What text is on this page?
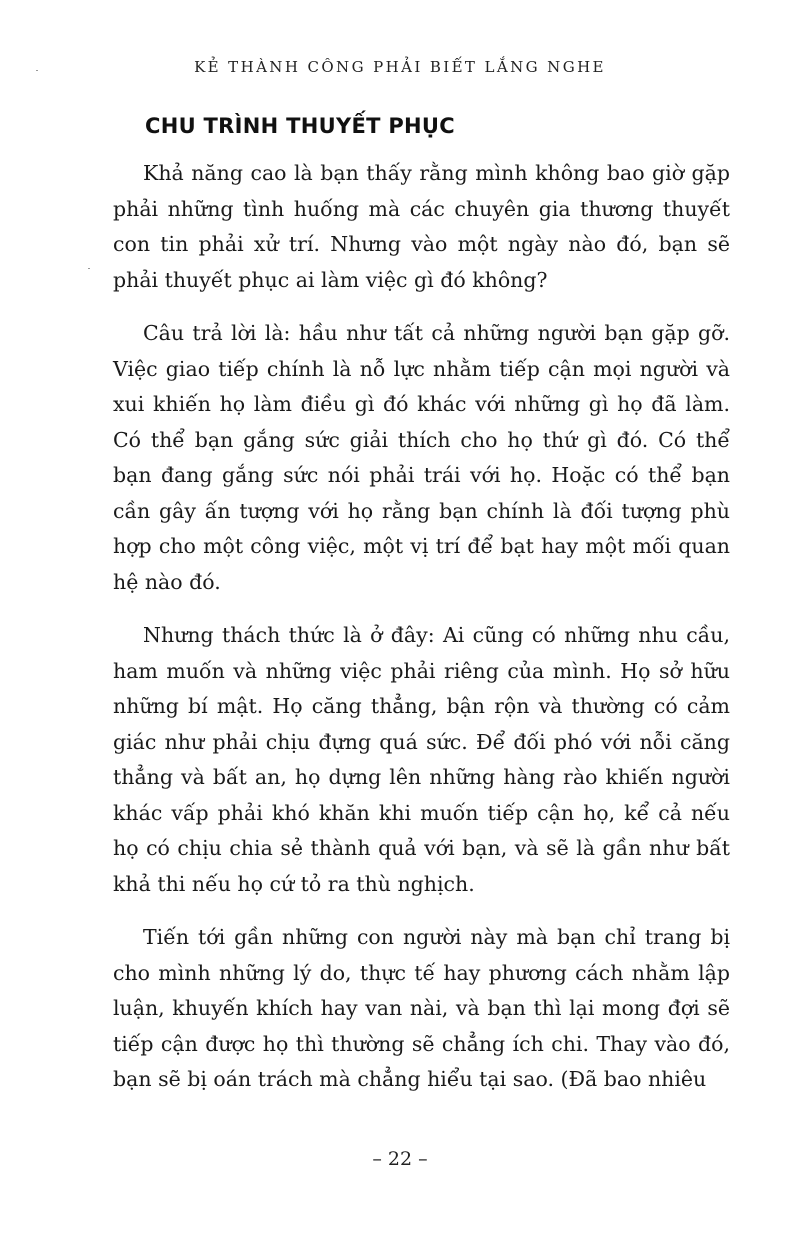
KẺ THÀNH CÔNG PHẢI BIẾT LẮNG NGHE
CHU TRÌNH THUYẾT PHỤC

Khả năng cao là bạn thấy rằng mình không bao giờ gặp phải những tình huống mà các chuyên gia thương thuyết con tin phải xử trí. Nhưng vào một ngày nào đó, bạn sẽ phải thuyết phục ai làm việc gì đó không?

Câu trả lời là: hầu như tất cả những người bạn gặp gỡ. Việc giao tiếp chính là nỗ lực nhằm tiếp cận mọi người và xui khiến họ làm điều gì đó khác với những gì họ đã làm. Có thể bạn gắng sức giải thích cho họ thứ gì đó. Có thể bạn đang gắng sức nói phải trái với họ. Hoặc có thể bạn cần gây ấn tượng với họ rằng bạn chính là đối tượng phù hợp cho một công việc, một vị trí để bạt hay một mối quan hệ nào đó.

Nhưng thách thức là ở đây: Ai cũng có những nhu cầu, ham muốn và những việc phải riêng của mình. Họ sở hữu những bí mật. Họ căng thẳng, bận rộn và thường có cảm giác như phải chịu đựng quá sức. Để đối phó với nỗi căng thẳng và bất an, họ dựng lên những hàng rào khiến người khác vấp phải khó khăn khi muốn tiếp cận họ, kể cả nếu họ có chịu chia sẻ thành quả với bạn, và sẽ là gần như bất khả thi nếu họ cứ tỏ ra thù nghịch.

Tiến tới gần những con người này mà bạn chỉ trang bị cho mình những lý do, thực tế hay phương cách nhằm lập luận, khuyến khích hay van nài, và bạn thì lại mong đợi sẽ tiếp cận được họ thì thường sẽ chẳng ích chi. Thay vào đó, bạn sẽ bị oán trách mà chẳng hiểu tại sao. (Đã bao nhiêu

– 22 –
